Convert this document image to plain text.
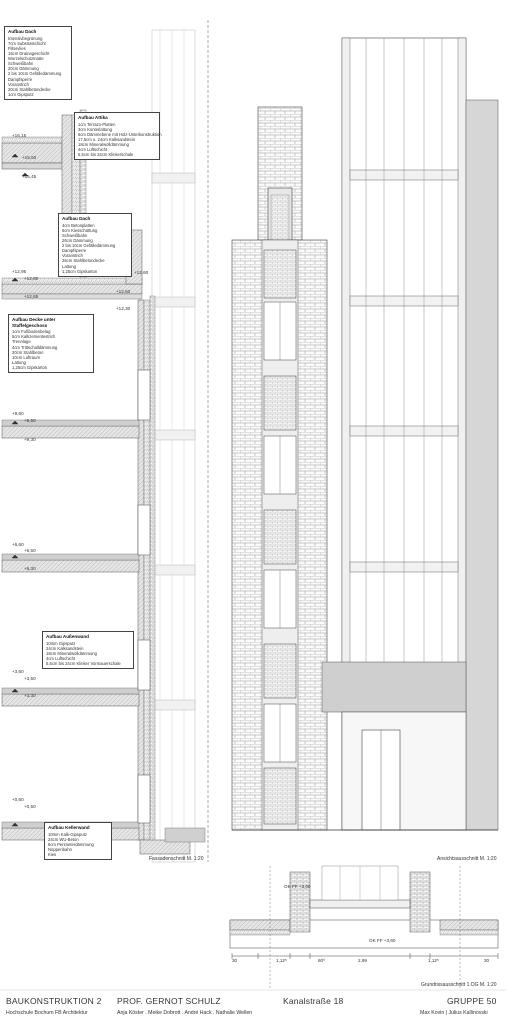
Aufbau Dach
Intensivbegrünung
7cm Substratschicht
Filtervlies
15cm Drainageschicht
Wurzelschutzmatte
Schweißbahn
20cm Dämmung
2 bis 10cm Gefälledämmung
Dampfsperre
Voranstrich
20cm Stahlbetondecke
1cm Gipsputz
Aufbau Attika
1cm Terrazo-Platten
3cm Konterlattung
6cm Dämmebene mit Holz-Unterkonstruktion
17,5cm o. 24cm Kalksandstein
18cm Mineralwolldämmung
4cm Luftschicht
5,5cm bis 24cm Klinkerschale
Aufbau Dach
4cm Betonplatten
6cm Kiesschüttung
Schweißbahn
26cm Dämmung
2 bis 10cm Gefälledämmung
Dampfsperre
Voranstrich
26cm Stahlbetondecke
Lattung
1,25cm Gipskarton
Aufbau Decke unter Staffelgeschoss
1cm Fußbodenbelag
5cm Kalkzementestrich
Trennlage
4cm Trittschalldämmung
20cm Stahlbeton
10cm Luftraum
Lattung
1,25cm Gipskarton
Aufbau Außenwand
10mm Gipsputz
24cm Kalksandstein
18cm Mineralwolldämmung
4cm Luftschicht
5,5cm bis 24cm Klinker Vormauerschale
Aufbau Kellerwand
10mm Kalk-Gipsputz
24cm WU-Beton
8cm Perimeterdämmung
Noppenbahn
Kies
+16,15
+15,60
+15,45
+12,95
+12,80
+12,65
+12,60
+12,50
+12,30
+9,60
+9,50
+9,30
+6,60
+6,50
+6,30
+3,60
+3,50
+3,30
+0,60
+0,50
Fassadenschnitt M. 1:20	Ansichtsausschnitt M. 1:20
Grundrissausschnitt 1.OG M. 1:20
OK FF +3,60
OK FF +3,60
30	1,12⁵	60⁰	2,99	1,12⁵	30
BAUKONSTRUKTION 2
Hochschule Bochum FB Architektur
PROF. GERNOT SCHULZ
Anja Köster . Meike Dobrott . André Hack . Nathalie Wellen
Kanalstraße 18	GRUPPE 50
Max Kovin | Julius Kallinovski
